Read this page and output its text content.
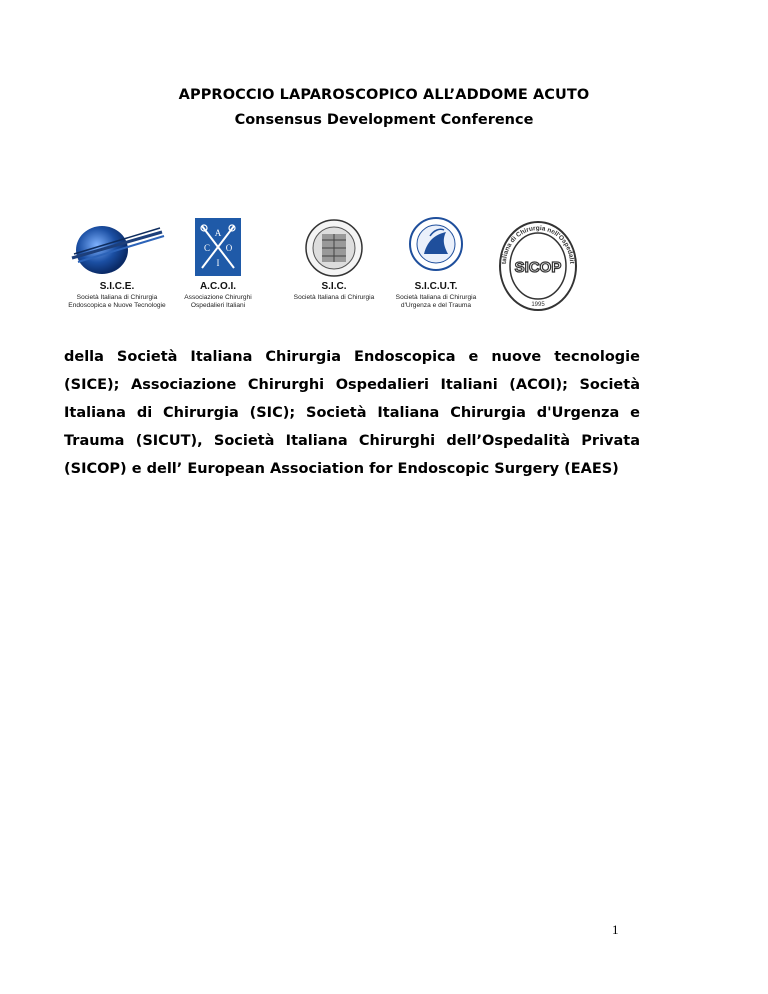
APPROCCIO LAPAROSCOPICO ALL’ADDOME ACUTO
Consensus Development Conference
S.I.C.E.
Società Italiana di Chirurgia Endoscopica e Nuove Tecnologie
A
C O
I
A.C.O.I.
Associazione Chirurghi Ospedalieri Italiani
S.I.C.
Società Italiana di Chirurgia
S.I.C.U.T.
Società Italiana di Chirurgia d'Urgenza e del Trauma
taliana di Chirurgia nell'Ospedalit
SICOP
1995
della Società Italiana Chirurgia Endoscopica e nuove tecnologie (SICE); Associazione Chirurghi Ospedalieri Italiani (ACOI); Società Italiana di Chirurgia (SIC); Società Italiana Chirurgia d'Urgenza e Trauma (SICUT), Società Italiana Chirurghi dell’Ospedalità Privata (SICOP) e dell’ European Association for Endoscopic Surgery (EAES)
1
